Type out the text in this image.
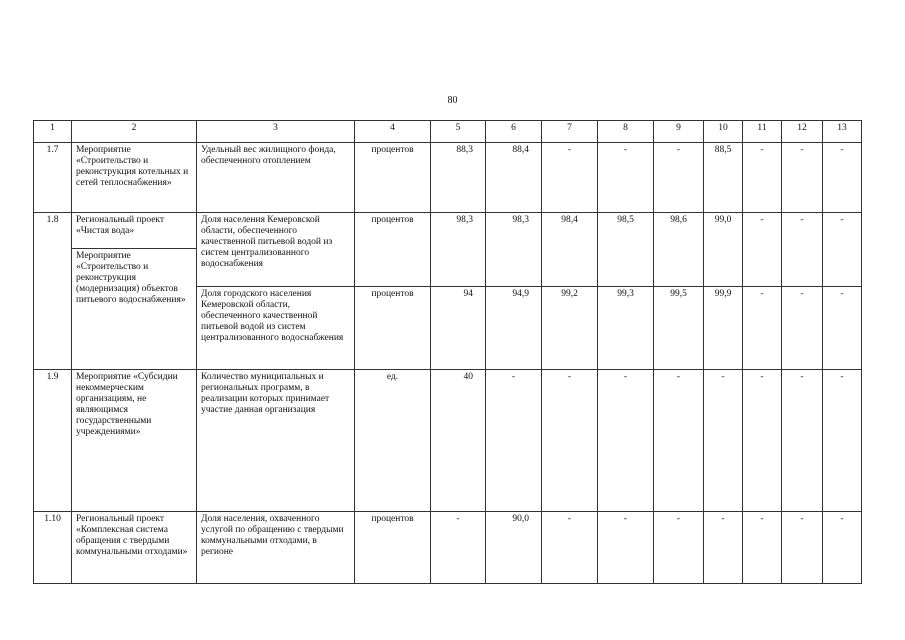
80
1	2	3	4	5	6	7	8	9	10	11	12	13
1.7	Мероприятие «Строительство и реконструкция котельных и сетей теплоснабжения»	Удельный вес жилищного фонда, обеспеченного отоплением	процентов	88,3	88,4	-	-	-	88,5	-	-	-
1.8	Региональный проект «Чистая вода»	Доля населения Кемеровской области, обеспеченного качественной питьевой водой из систем централизованного водоснабжения	процентов	98,3	98,3	98,4	98,5	98,6	99,0	-	-	-
	Мероприятие «Строительство и реконструкция (модернизация) объектов питьевого водоснабжения»											
		Доля городского населения Кемеровской области, обеспеченного качественной питьевой водой из систем централизованного водоснабжения	процентов	94	94,9	99,2	99,3	99,5	99,9	-	-	-
1.9	Мероприятие «Субсидии некоммерческим организациям, не являющимся государственными учреждениями»	Количество муниципальных и региональных программ, в реализации которых принимает участие данная организация	ед.	40	-	-	-	-	-	-	-	-
1.10	Региональный проект «Комплексная система обращения с твердыми коммунальными отходами»	Доля населения, охваченного услугой по обращению с твердыми коммунальными отходами, в регионе	процентов	-	90,0	-	-	-	-	-	-	-
